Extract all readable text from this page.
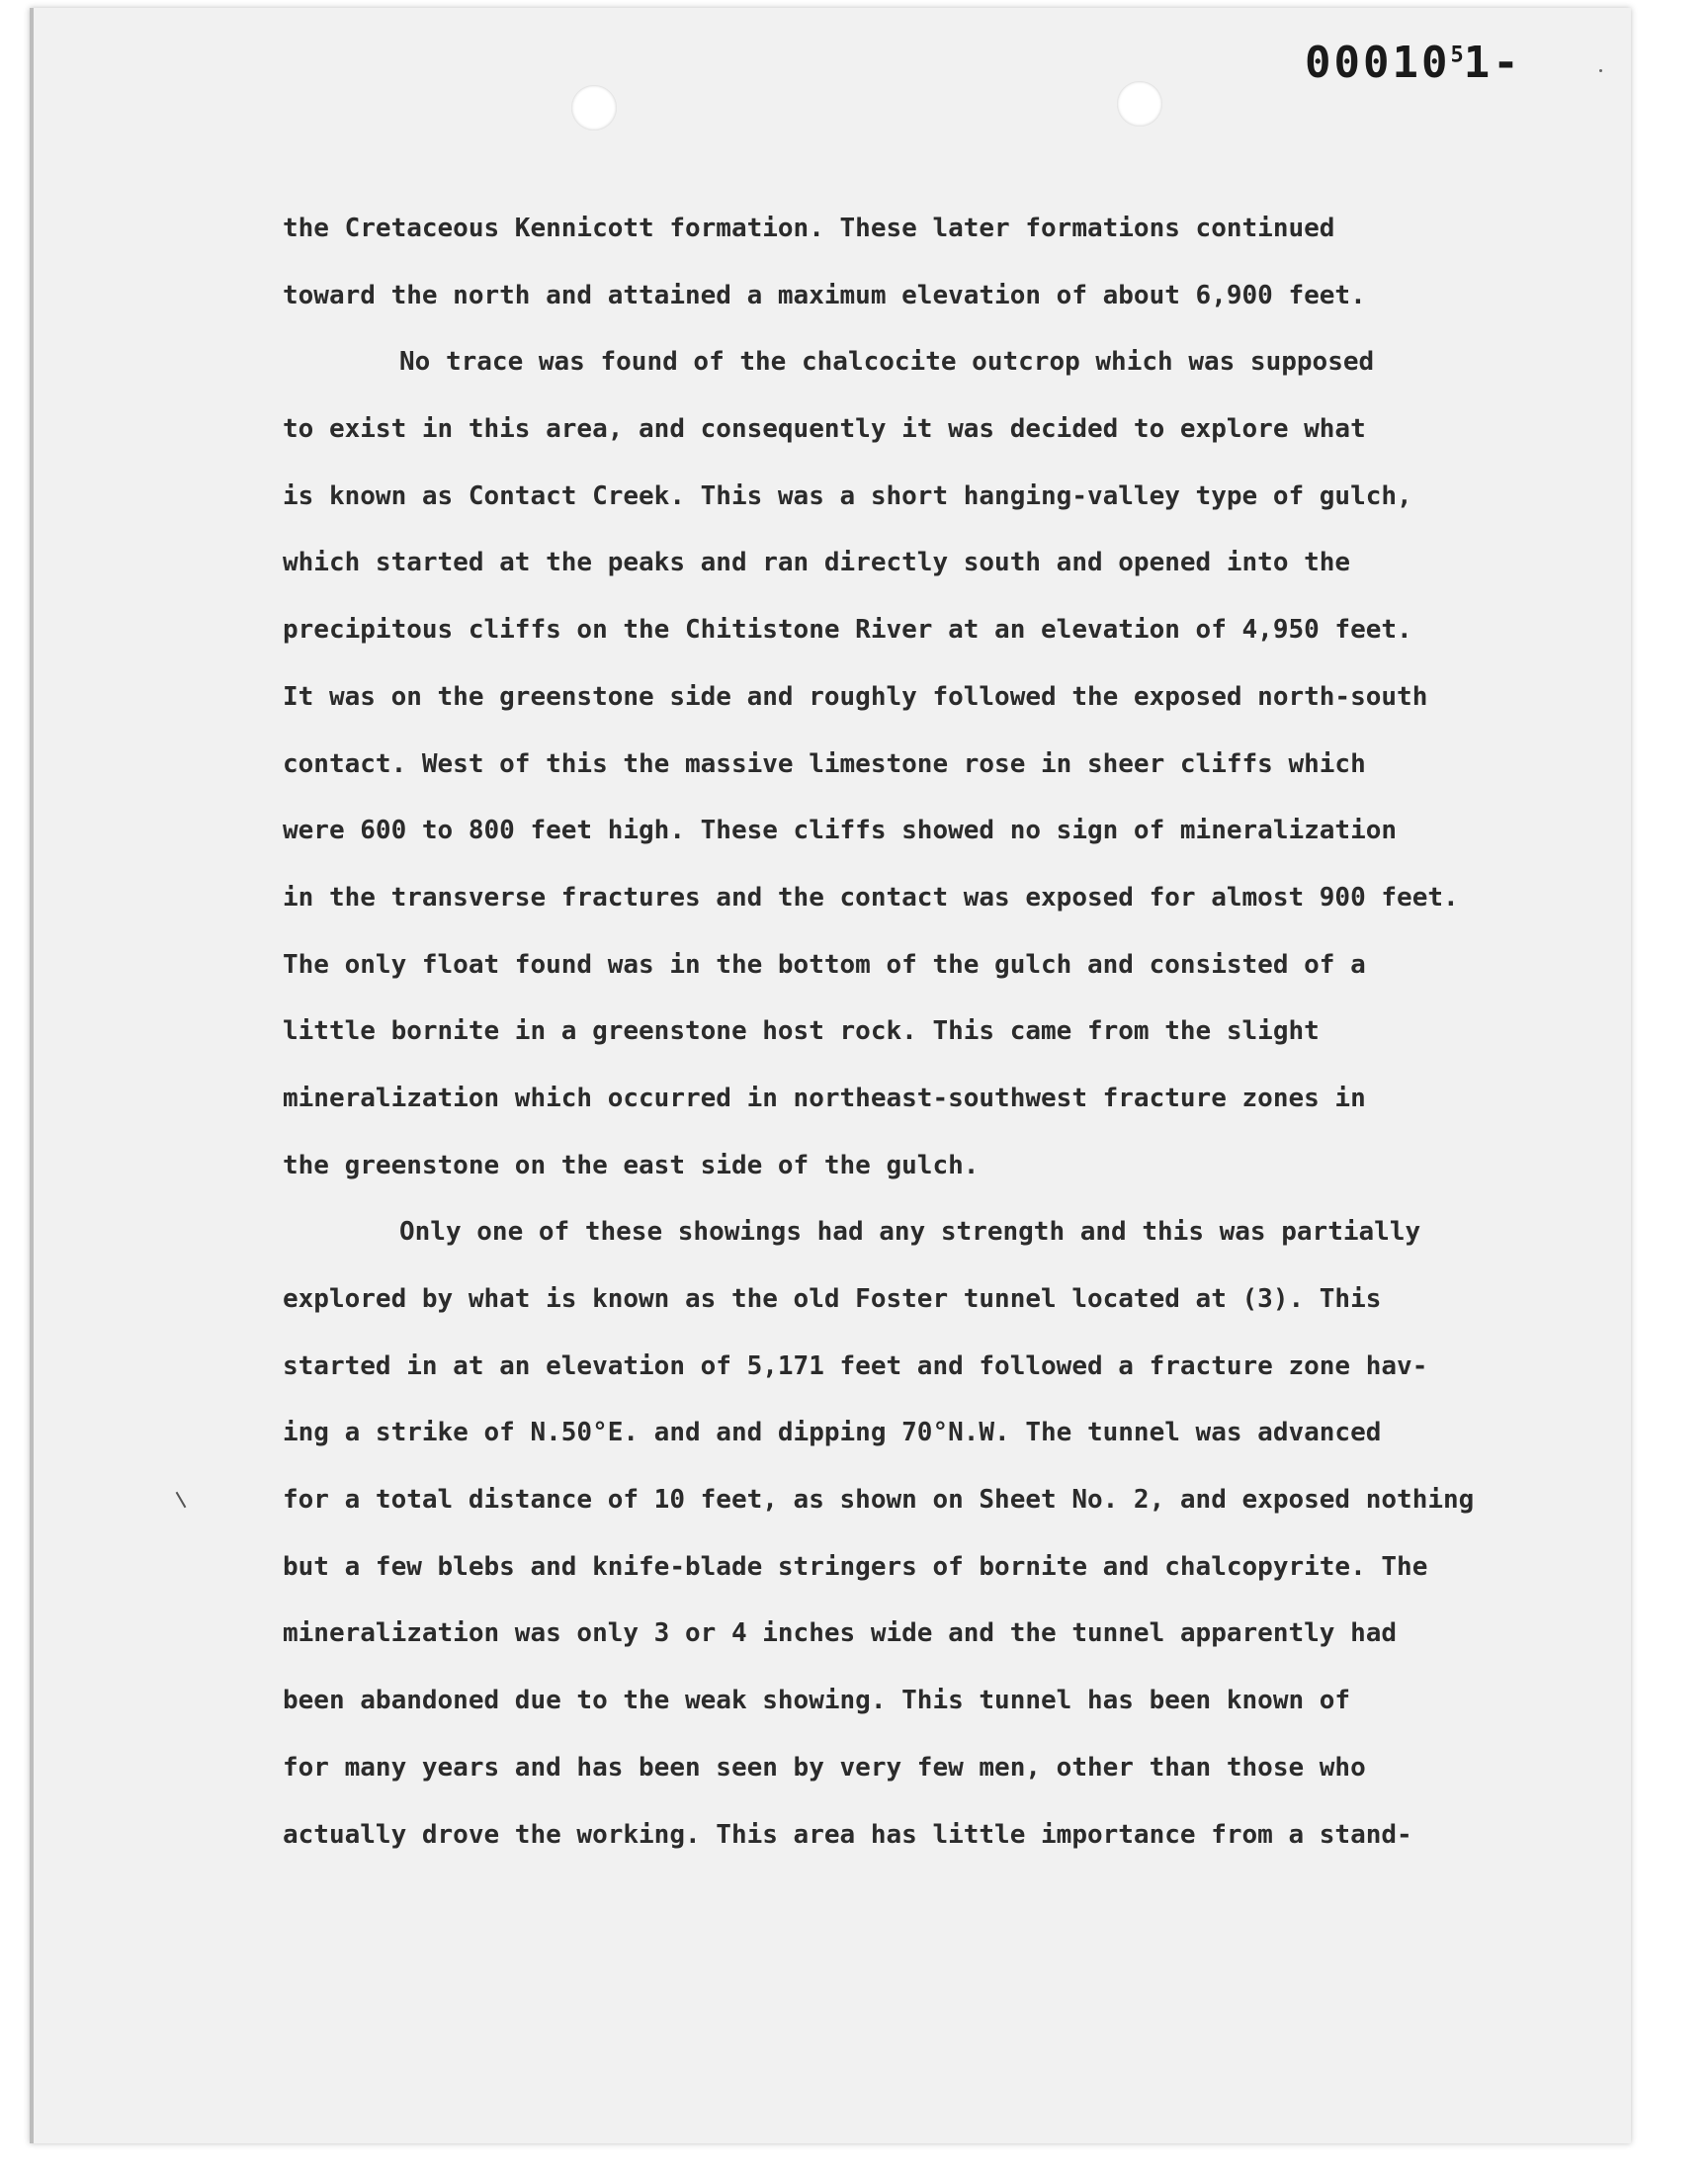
00010$^5$1-
the Cretaceous Kennicott formation. These later formations continued
toward the north and attained a maximum elevation of about 6,900 feet.
No trace was found of the chalcocite outcrop which was supposed
to exist in this area, and consequently it was decided to explore what
is known as Contact Creek. This was a short hanging-valley type of gulch,
which started at the peaks and ran directly south and opened into the
precipitous cliffs on the Chitistone River at an elevation of 4,950 feet.
It was on the greenstone side and roughly followed the exposed north-south
contact. West of this the massive limestone rose in sheer cliffs which
were 600 to 800 feet high. These cliffs showed no sign of mineralization
in the transverse fractures and the contact was exposed for almost 900 feet.
The only float found was in the bottom of the gulch and consisted of a
little bornite in a greenstone host rock. This came from the slight
mineralization which occurred in northeast-southwest fracture zones in
the greenstone on the east side of the gulch.
Only one of these showings had any strength and this was partially
explored by what is known as the old Foster tunnel located at (3). This
started in at an elevation of 5,171 feet and followed a fracture zone hav-
ing a strike of N.50°E. and and dipping 70°N.W. The tunnel was advanced
for a total distance of 10 feet, as shown on Sheet No. 2, and exposed nothing
but a few blebs and knife-blade stringers of bornite and chalcopyrite. The
mineralization was only 3 or 4 inches wide and the tunnel apparently had
been abandoned due to the weak showing. This tunnel has been known of
for many years and has been seen by very few men, other than those who
actually drove the working. This area has little importance from a stand-
